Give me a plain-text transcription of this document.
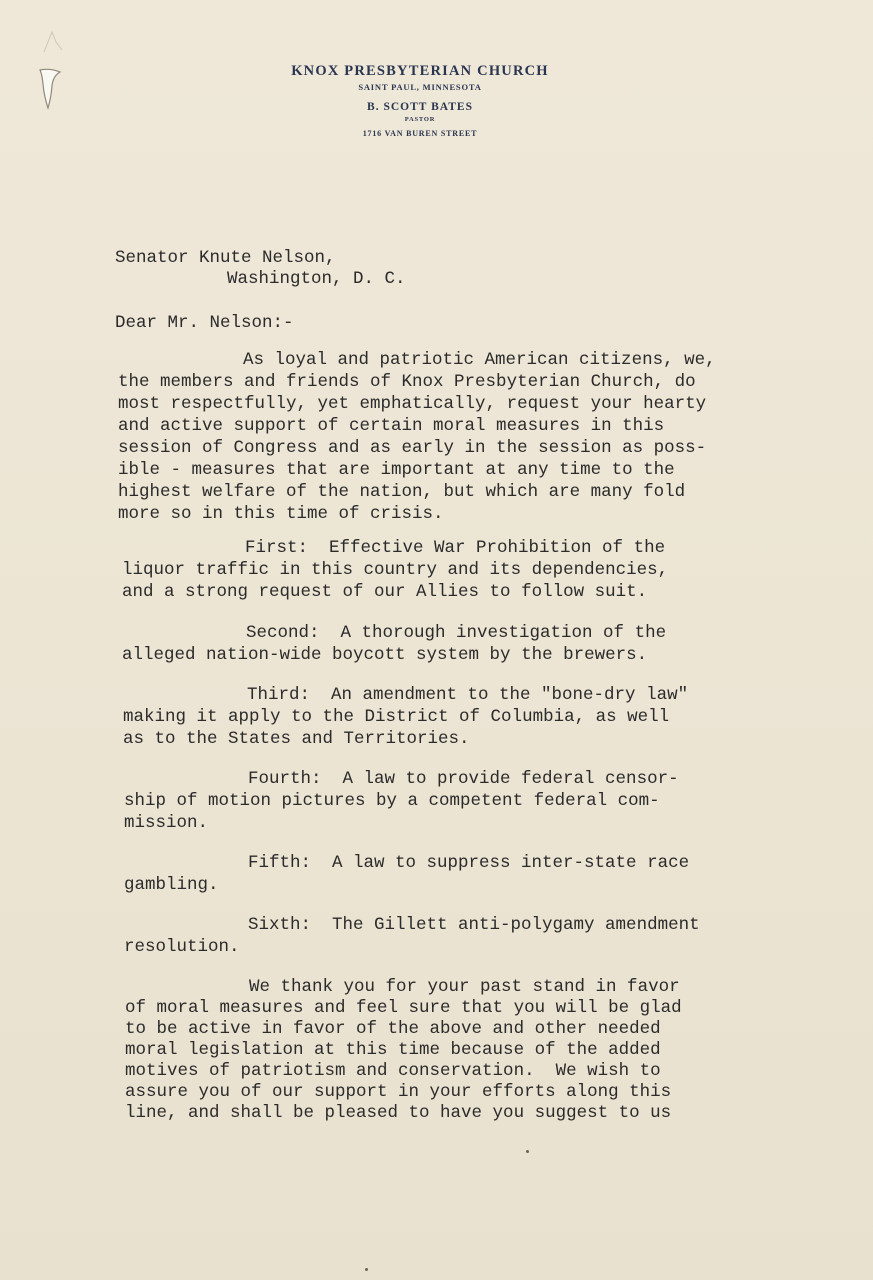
KNOX PRESBYTERIAN CHURCH
SAINT PAUL, MINNESOTA
B. SCOTT BATES
PASTOR
1716 VAN BUREN STREET

Senator Knute Nelson,

Washington, D. C.

Dear Mr. Nelson:-

As loyal and patriotic American citizens, we,

the members and friends of Knox Presbyterian Church, do

most respectfully, yet emphatically, request your hearty

and active support of certain moral measures in this

session of Congress and as early in the session as poss-

ible - measures that are important at any time to the

highest welfare of the nation, but which are many fold

more so in this time of crisis.

First:  Effective War Prohibition of the

liquor traffic in this country and its dependencies,

and a strong request of our Allies to follow suit.

Second:  A thorough investigation of the

alleged nation-wide boycott system by the brewers.

Third:  An amendment to the "bone-dry law"

making it apply to the District of Columbia, as well

as to the States and Territories.

Fourth:  A law to provide federal censor-

ship of motion pictures by a competent federal com-

mission.

Fifth:  A law to suppress inter-state race

gambling.

Sixth:  The Gillett anti-polygamy amendment

resolution.

We thank you for your past stand in favor

of moral measures and feel sure that you will be glad

to be active in favor of the above and other needed

moral legislation at this time because of the added

motives of patriotism and conservation.  We wish to

assure you of our support in your efforts along this

line, and shall be pleased to have you suggest to us
